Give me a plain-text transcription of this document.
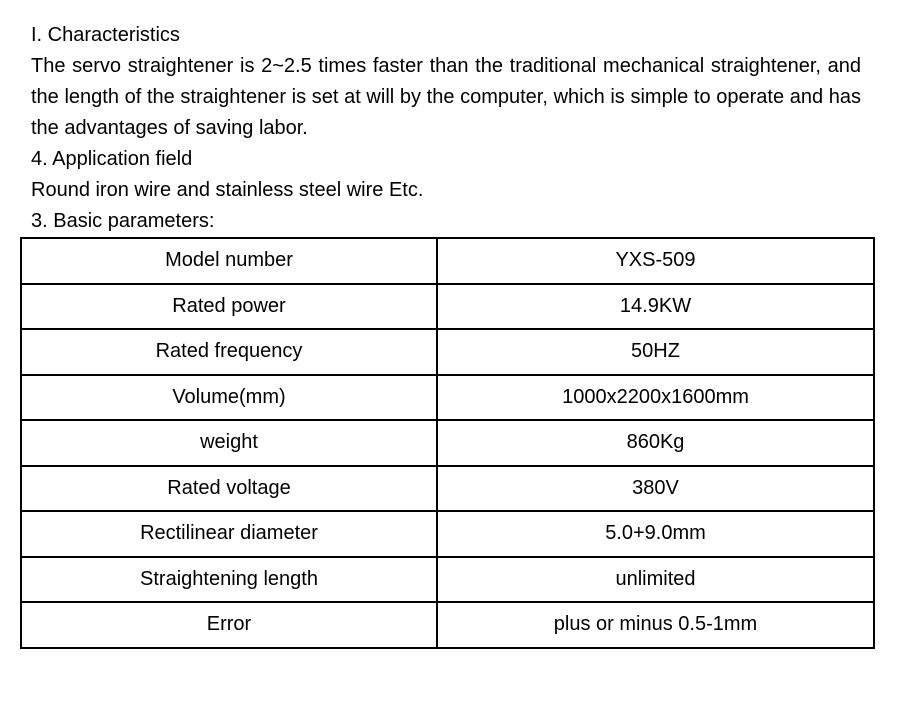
I. Characteristics

The servo straightener is 2~2.5 times faster than the traditional mechanical straightener, and the length of the straightener is set at will by the computer, which is simple to operate and has the advantages of saving labor.

4. Application field

Round iron wire and stainless steel wire Etc.

3. Basic parameters:

Model number	YXS-509
Rated power	14.9KW
Rated frequency	50HZ
Volume(mm)	1000x2200x1600mm
weight	860Kg
Rated voltage	380V
Rectilinear diameter	5.0+9.0mm
Straightening length	unlimited
Error	plus or minus 0.5-1mm
